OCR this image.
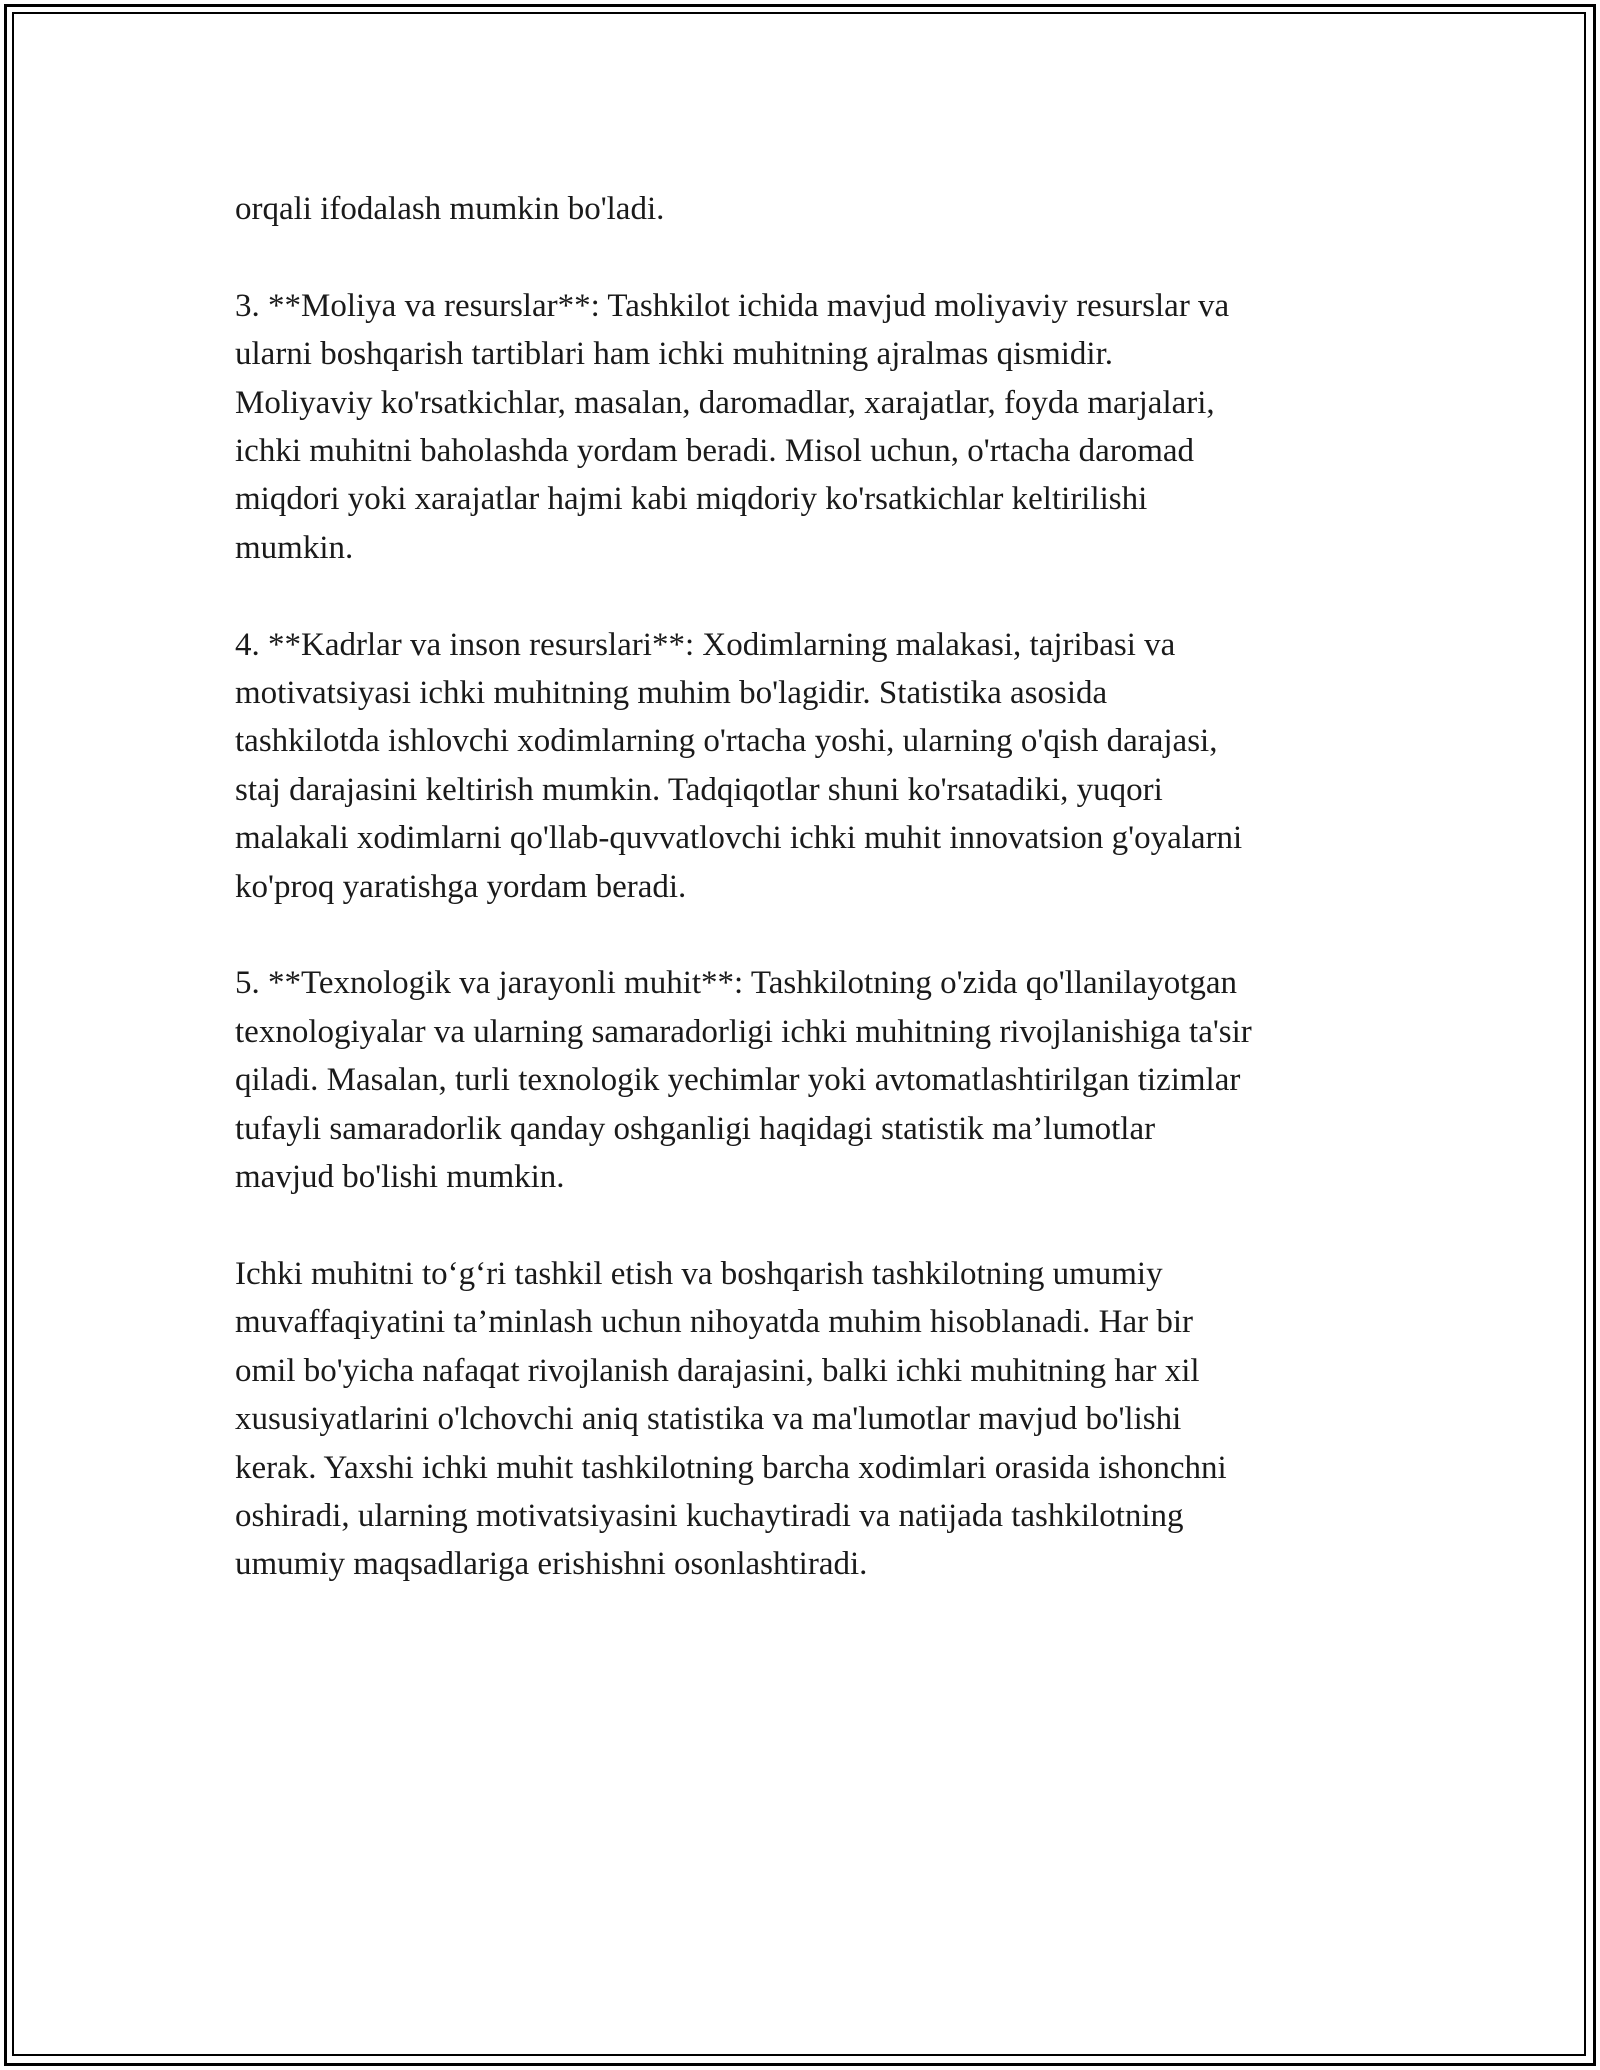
orqali ifodalash mumkin bo'ladi.

3. **Moliya va resurslar**: Tashkilot ichida mavjud moliyaviy resurslar va
ularni boshqarish tartiblari ham ichki muhitning ajralmas qismidir.
Moliyaviy ko'rsatkichlar, masalan, daromadlar, xarajatlar, foyda marjalari,
ichki muhitni baholashda yordam beradi. Misol uchun, o'rtacha daromad
miqdori yoki xarajatlar hajmi kabi miqdoriy ko'rsatkichlar keltirilishi
mumkin.

4. **Kadrlar va inson resurslari**: Xodimlarning malakasi, tajribasi va
motivatsiyasi ichki muhitning muhim bo'lagidir. Statistika asosida
tashkilotda ishlovchi xodimlarning o'rtacha yoshi, ularning o'qish darajasi,
staj darajasini keltirish mumkin. Tadqiqotlar shuni ko'rsatadiki, yuqori
malakali xodimlarni qo'llab-quvvatlovchi ichki muhit innovatsion g'oyalarni
ko'proq yaratishga yordam beradi.

5. **Texnologik va jarayonli muhit**: Tashkilotning o'zida qo'llanilayotgan
texnologiyalar va ularning samaradorligi ichki muhitning rivojlanishiga ta'sir
qiladi. Masalan, turli texnologik yechimlar yoki avtomatlashtirilgan tizimlar
tufayli samaradorlik qanday oshganligi haqidagi statistik ma’lumotlar
mavjud bo'lishi mumkin.

Ichki muhitni to‘g‘ri tashkil etish va boshqarish tashkilotning umumiy
muvaffaqiyatini ta’minlash uchun nihoyatda muhim hisoblanadi. Har bir
omil bo'yicha nafaqat rivojlanish darajasini, balki ichki muhitning har xil
xususiyatlarini o'lchovchi aniq statistika va ma'lumotlar mavjud bo'lishi
kerak. Yaxshi ichki muhit tashkilotning barcha xodimlari orasida ishonchni
oshiradi, ularning motivatsiyasini kuchaytiradi va natijada tashkilotning
umumiy maqsadlariga erishishni osonlashtiradi.
